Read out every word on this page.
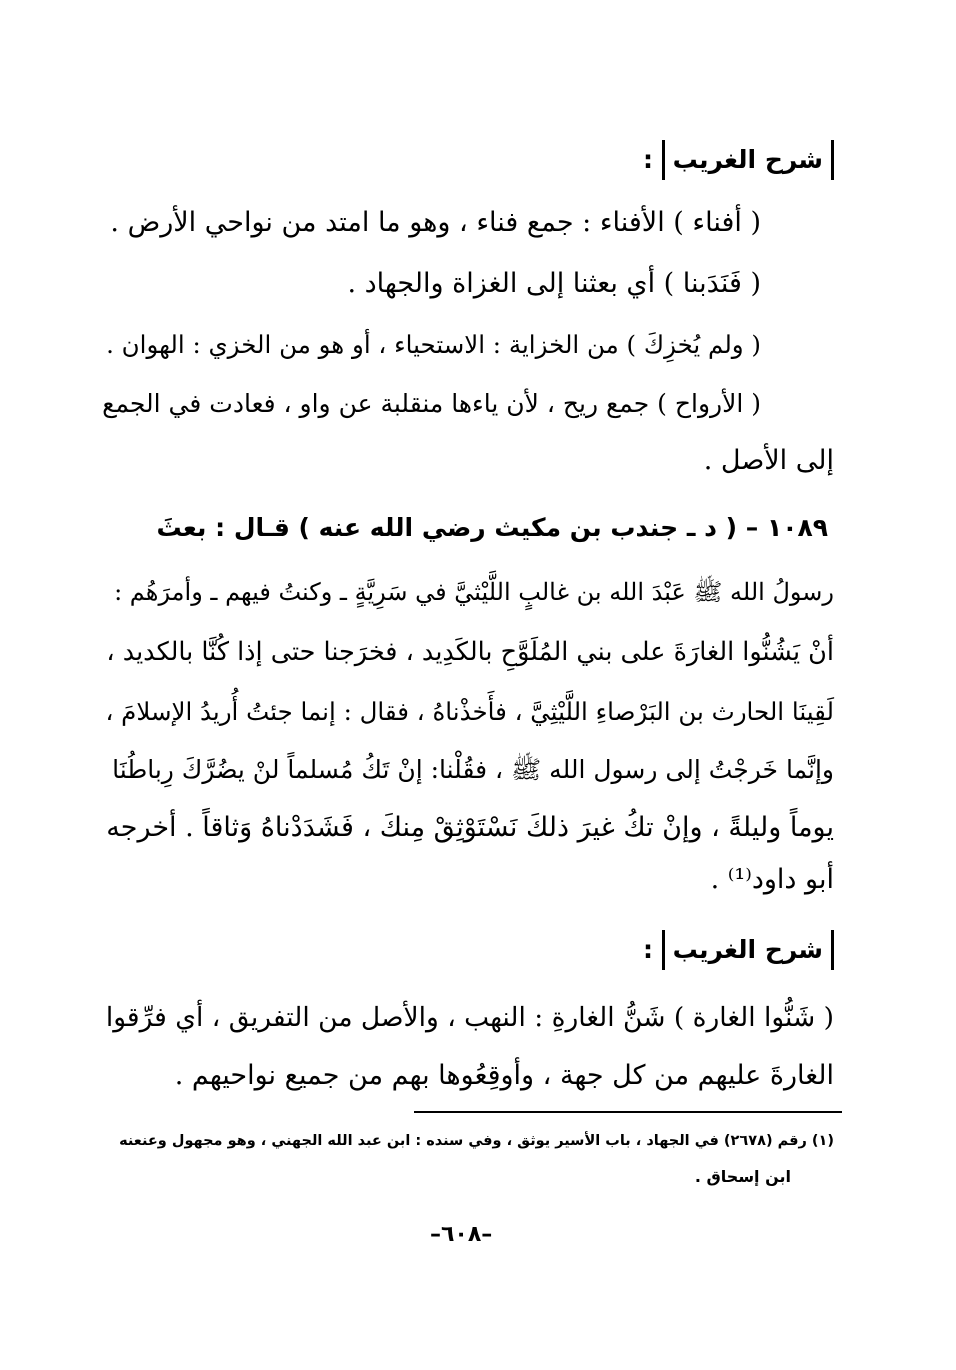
شرح الغريب :
( أفناء ) الأفناء : جمع فناء ، وهو ما امتد من نواحي الأرض .
( فَنَدَبنا ) أي بعثنا إلى الغزاة والجهاد .
( ولم يُخزِكَ ) من الخزاية : الاستحياء ، أو هو من الخزي : الهوان .
( الأرواح ) جمع ريح ، لأن ياءها منقلبة عن واو ، فعادت في الجمع
إلى الأصل .
١٠٨٩ – ( د ـ جندب بن مكيث رضي الله عنه ) قـال : بعثَ
رسولُ الله ﷺ عَبْدَ الله بن غالبٍ اللَّيْثيَّ في سَرِيَّةٍ ـ وكنتُ فيهم ـ وأمرَهُم :
أنْ يَشُنُّوا الغارَةَ على بني المُلَوَّحِ بالكَدِيد ، فخرَجنا حتى إذا كُنَّا بالكديد ،
لَقِينَا الحارث بن البَرْصاءِ اللَّيْثِيَّ ، فأَخذْناهُ ، فقال : إنما جئتُ أُريدُ الإسلامَ ،
وإنَّما خَرجْتُ إلى رسول الله ﷺ ، فقُلْنا: إنْ تَكُ مُسلماً لنْ يضُرَّكَ رِباطُنَا
يوماً وليلةً ، وإنْ تكُ غيرَ ذلكَ نَسْتَوْثِقْ مِنكَ ، فَشَدَدْناهُ وَثاقاً . أخرجه
أبو داود⁽¹⁾ .
شرح الغريب :
( شَنُّوا الغارة ) شَنُّ الغارةِ : النهب ، والأصل من التفريق ، أي فرِّقوا
الغارةَ عليهم من كل جهة ، وأوقِعُوها بهم من جميع نواحيهم .
(١) رقم (٢٦٧٨) في الجهاد ، باب الأسير يوثق ، وفي سنده : ابن عبد الله الجهني ، وهو مجهول وعنعنه
ابن إسحاق .
–٦٠٨–
